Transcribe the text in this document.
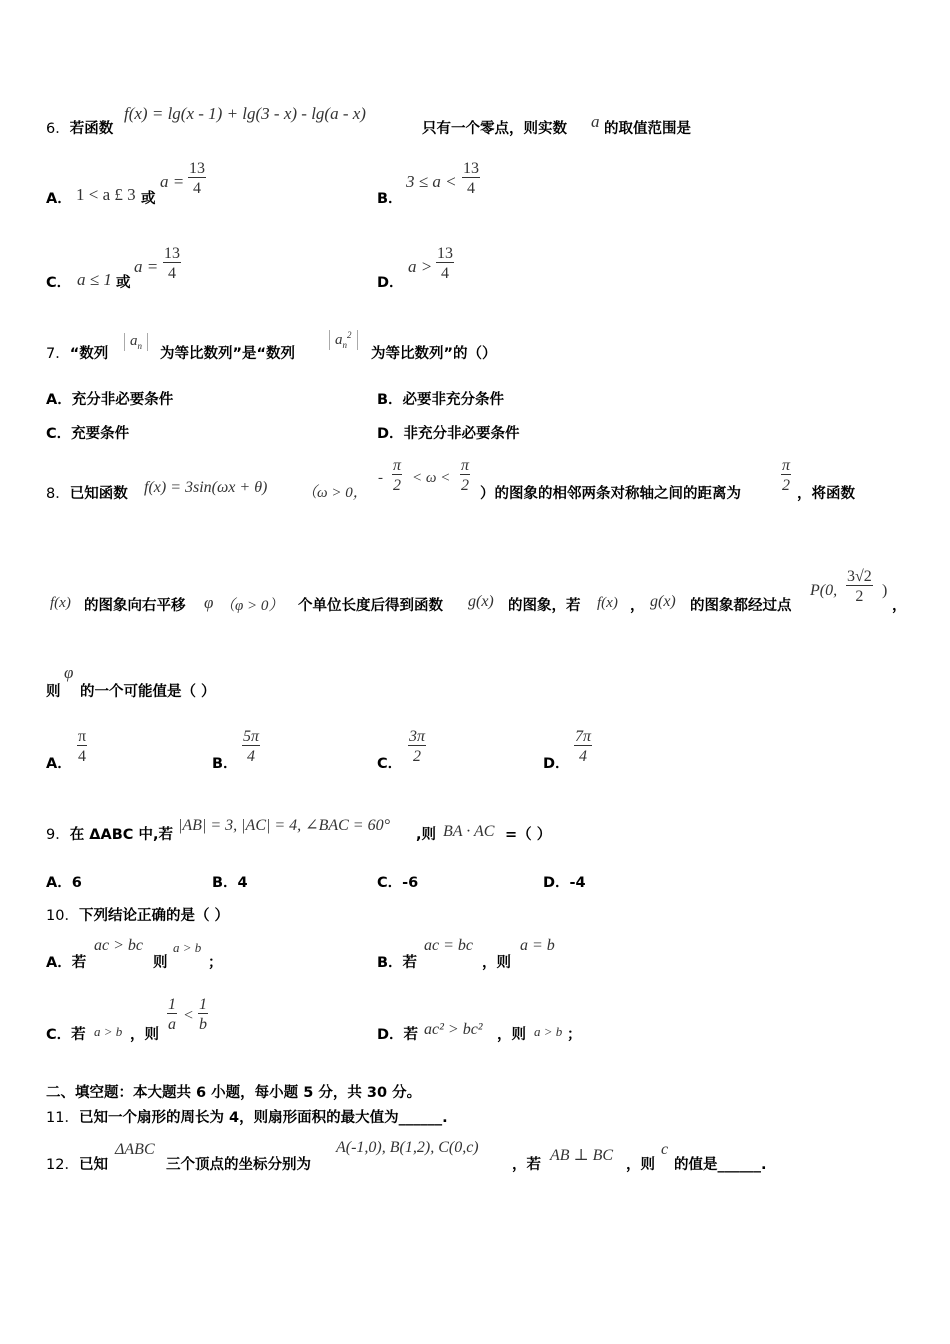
6．若函数
f(x) = lg(x - 1) + lg(3 - x) - lg(a - x)
只有一个零点，则实数 a 的取值范围是
A． 1 < a £ 3 或
$a = \frac{13}{4}$
B．
$3 \le a < \frac{13}{4}$
C． a ≤ 1 或
$a = \frac{13}{4}$
D．
$a > \frac{13}{4}$
7．“数列
$a_n$	为等比数列”是“数列
$a_n^2$
为等比数列”的（）
A．充分非必要条件	B．必要非充分条件
C．充要条件	D．非充分非必要条件
8．已知函数 f(x) = 3sin(ωx + θ) （ω > 0，
- $\frac{\pi}{2} < \omega < \frac{\pi}{2}$ ）的图象的相邻两条对称轴之间的距离为	$\frac{\pi}{2}$ ，将函数
f(x) 的图象向右平移 φ （φ > 0） 个单位长度后得到函数 g(x) 的图象，若 f(x) ， g(x) 的图象都经过点
P(0, $\frac{3√2}{2}$ )
，
则
φ
的一个可能值是（ ）
A． $\frac{\pi}{4}$	B． $\frac{5\pi}{4}$	C． $\frac{3\pi}{2}$	D． $\frac{7\pi}{4}$
9．在 ΔABC 中,若
|AB| = 3, |AC| = 4, ∠BAC = 60°
,则 BA · AC =（ ）
A．6	B．4	C．-6	D．-4
10．下列结论正确的是（ ）
A．若
ac > bc
则
a > b
；	B．若
ac = bc
，则
a = b
C．若 a > b ，则
$\frac{1}{a} < \frac{1}{b}$
D．若 ac² > bc² ，则 a > b ；
二、填空题：本大题共 6 小题，每小题 5 分，共 30 分。
11．已知一个扇形的周长为 4，则扇形面积的最大值为______.
12．已知
ΔABC
三个顶点的坐标分别为
A(-1,0), B(1,2), C(0,c)
，若
AB ⊥ BC
，则
c
的值是______.
